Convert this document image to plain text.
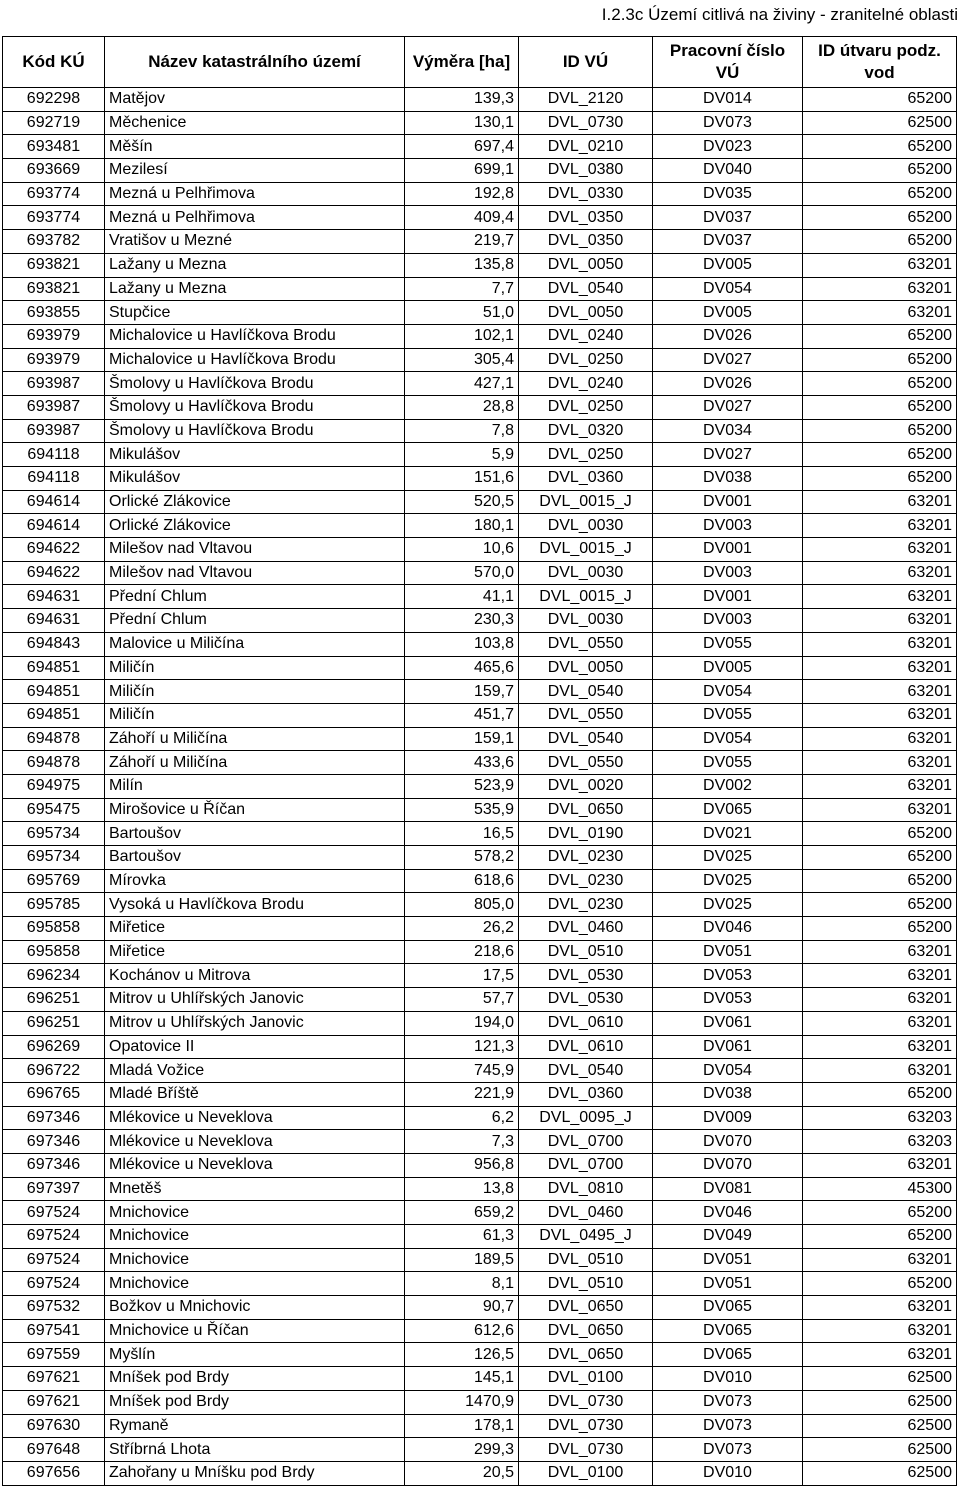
I.2.3c Území citlivá na živiny - zranitelné oblasti
Kód KÚ	Název katastrálního území	Výměra [ha]	ID VÚ	Pracovní číslo VÚ	ID útvaru podz. vod
692298	Matějov	139,3	DVL_2120	DV014	65200
692719	Měchenice	130,1	DVL_0730	DV073	62500
693481	Měšín	697,4	DVL_0210	DV023	65200
693669	Mezilesí	699,1	DVL_0380	DV040	65200
693774	Mezná u Pelhřimova	192,8	DVL_0330	DV035	65200
693774	Mezná u Pelhřimova	409,4	DVL_0350	DV037	65200
693782	Vratišov u Mezné	219,7	DVL_0350	DV037	65200
693821	Lažany u Mezna	135,8	DVL_0050	DV005	63201
693821	Lažany u Mezna	7,7	DVL_0540	DV054	63201
693855	Stupčice	51,0	DVL_0050	DV005	63201
693979	Michalovice u Havlíčkova Brodu	102,1	DVL_0240	DV026	65200
693979	Michalovice u Havlíčkova Brodu	305,4	DVL_0250	DV027	65200
693987	Šmolovy u Havlíčkova Brodu	427,1	DVL_0240	DV026	65200
693987	Šmolovy u Havlíčkova Brodu	28,8	DVL_0250	DV027	65200
693987	Šmolovy u Havlíčkova Brodu	7,8	DVL_0320	DV034	65200
694118	Mikulášov	5,9	DVL_0250	DV027	65200
694118	Mikulášov	151,6	DVL_0360	DV038	65200
694614	Orlické Zlákovice	520,5	DVL_0015_J	DV001	63201
694614	Orlické Zlákovice	180,1	DVL_0030	DV003	63201
694622	Milešov nad Vltavou	10,6	DVL_0015_J	DV001	63201
694622	Milešov nad Vltavou	570,0	DVL_0030	DV003	63201
694631	Přední Chlum	41,1	DVL_0015_J	DV001	63201
694631	Přední Chlum	230,3	DVL_0030	DV003	63201
694843	Malovice u Miličína	103,8	DVL_0550	DV055	63201
694851	Miličín	465,6	DVL_0050	DV005	63201
694851	Miličín	159,7	DVL_0540	DV054	63201
694851	Miličín	451,7	DVL_0550	DV055	63201
694878	Záhoří u Miličína	159,1	DVL_0540	DV054	63201
694878	Záhoří u Miličína	433,6	DVL_0550	DV055	63201
694975	Milín	523,9	DVL_0020	DV002	63201
695475	Mirošovice u Říčan	535,9	DVL_0650	DV065	63201
695734	Bartoušov	16,5	DVL_0190	DV021	65200
695734	Bartoušov	578,2	DVL_0230	DV025	65200
695769	Mírovka	618,6	DVL_0230	DV025	65200
695785	Vysoká u Havlíčkova Brodu	805,0	DVL_0230	DV025	65200
695858	Miřetice	26,2	DVL_0460	DV046	65200
695858	Miřetice	218,6	DVL_0510	DV051	63201
696234	Kochánov u Mitrova	17,5	DVL_0530	DV053	63201
696251	Mitrov u Uhlířských Janovic	57,7	DVL_0530	DV053	63201
696251	Mitrov u Uhlířských Janovic	194,0	DVL_0610	DV061	63201
696269	Opatovice II	121,3	DVL_0610	DV061	63201
696722	Mladá Vožice	745,9	DVL_0540	DV054	63201
696765	Mladé Bříště	221,9	DVL_0360	DV038	65200
697346	Mlékovice u Neveklova	6,2	DVL_0095_J	DV009	63203
697346	Mlékovice u Neveklova	7,3	DVL_0700	DV070	63203
697346	Mlékovice u Neveklova	956,8	DVL_0700	DV070	63201
697397	Mnetěš	13,8	DVL_0810	DV081	45300
697524	Mnichovice	659,2	DVL_0460	DV046	65200
697524	Mnichovice	61,3	DVL_0495_J	DV049	65200
697524	Mnichovice	189,5	DVL_0510	DV051	63201
697524	Mnichovice	8,1	DVL_0510	DV051	65200
697532	Božkov u Mnichovic	90,7	DVL_0650	DV065	63201
697541	Mnichovice u Říčan	612,6	DVL_0650	DV065	63201
697559	Myšlín	126,5	DVL_0650	DV065	63201
697621	Mníšek pod Brdy	145,1	DVL_0100	DV010	62500
697621	Mníšek pod Brdy	1470,9	DVL_0730	DV073	62500
697630	Rymaně	178,1	DVL_0730	DV073	62500
697648	Stříbrná Lhota	299,3	DVL_0730	DV073	62500
697656	Zahořany u Mníšku pod Brdy	20,5	DVL_0100	DV010	62500
